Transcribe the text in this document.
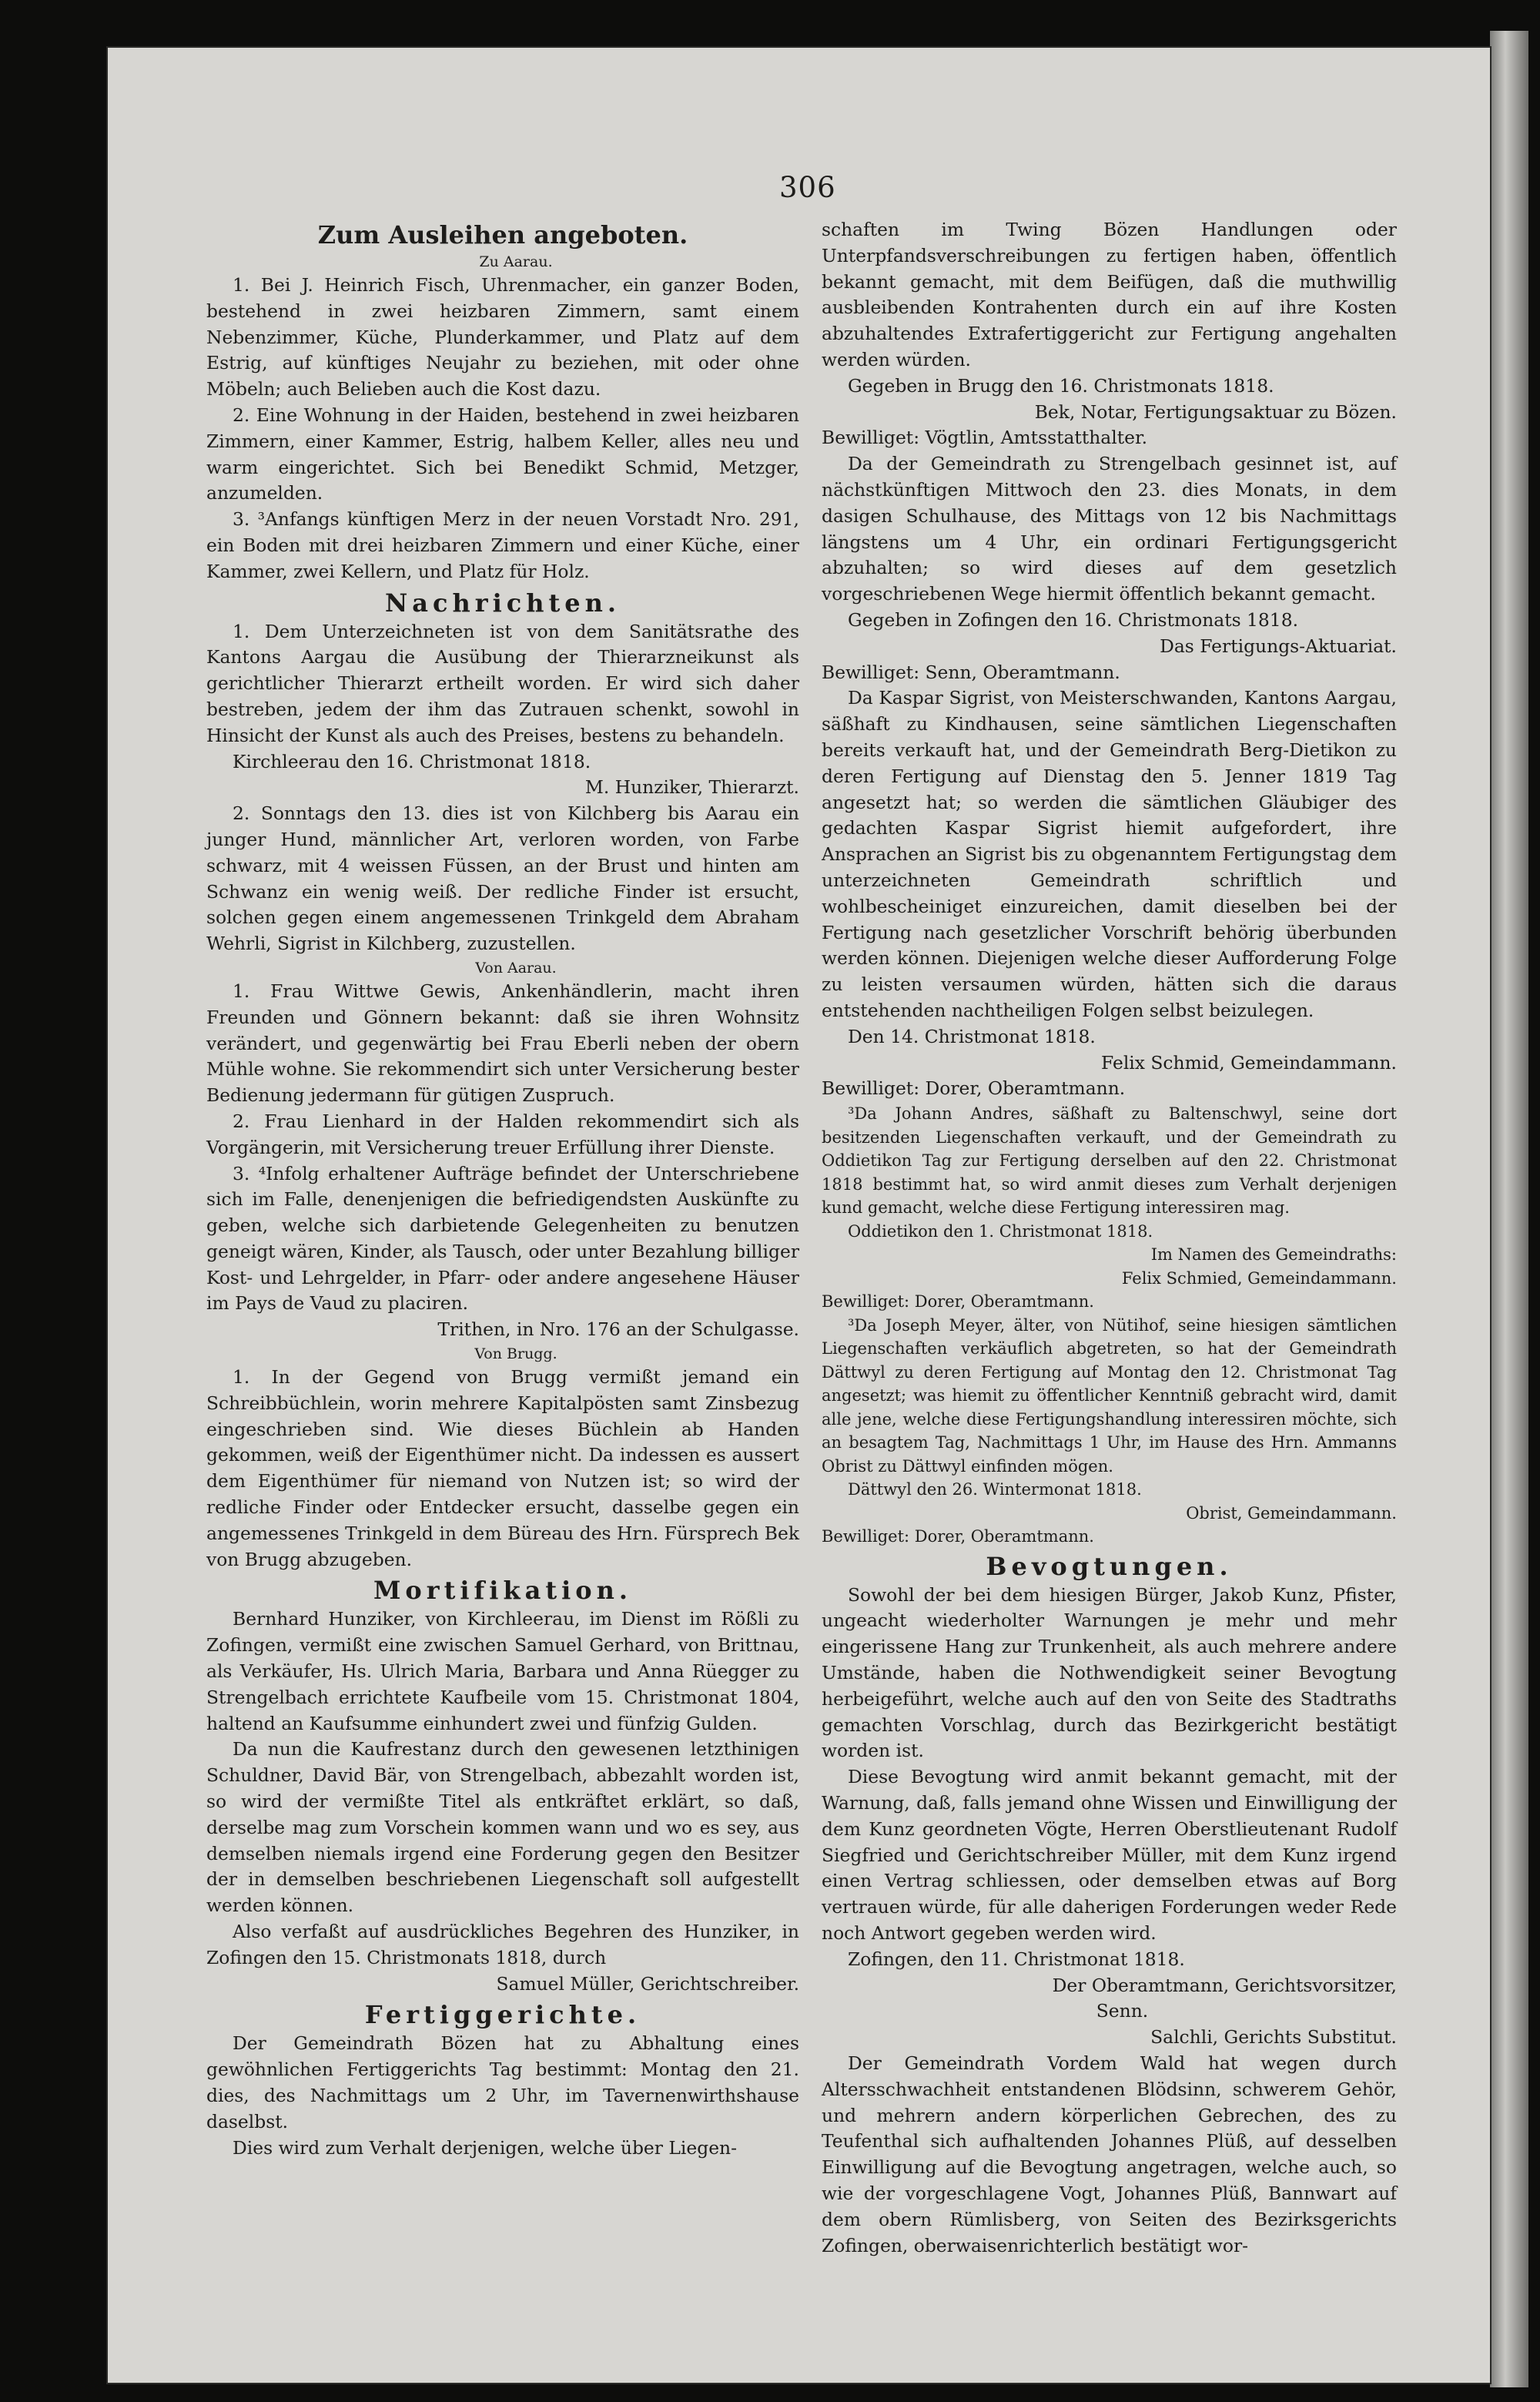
306
Zum Ausleihen angeboten.

Zu Aarau.

1. Bei J. Heinrich Fisch, Uhrenmacher, ein ganzer Boden, bestehend in zwei heizbaren Zimmern, samt einem Nebenzimmer, Küche, Plunderkammer, und Platz auf dem Estrig, auf künftiges Neujahr zu beziehen, mit oder ohne Möbeln; auch Belieben auch die Kost dazu.

2. Eine Wohnung in der Haiden, bestehend in zwei heizbaren Zimmern, einer Kammer, Estrig, halbem Keller, alles neu und warm eingerichtet. Sich bei Benedikt Schmid, Metzger, anzumelden.

3. ³Anfangs künftigen Merz in der neuen Vorstadt Nro. 291, ein Boden mit drei heizbaren Zimmern und einer Küche, einer Kammer, zwei Kellern, und Platz für Holz.

Nachrichten.

1. Dem Unterzeichneten ist von dem Sanitätsrathe des Kantons Aargau die Ausübung der Thierarzneikunst als gerichtlicher Thierarzt ertheilt worden. Er wird sich daher bestreben, jedem der ihm das Zutrauen schenkt, sowohl in Hinsicht der Kunst als auch des Preises, bestens zu behandeln.

Kirchleerau den 16. Christmonat 1818.

M. Hunziker, Thierarzt.

2. Sonntags den 13. dies ist von Kilchberg bis Aarau ein junger Hund, männlicher Art, verloren worden, von Farbe schwarz, mit 4 weissen Füssen, an der Brust und hinten am Schwanz ein wenig weiß. Der redliche Finder ist ersucht, solchen gegen einem angemessenen Trinkgeld dem Abraham Wehrli, Sigrist in Kilchberg, zuzustellen.

Von Aarau.

1. Frau Wittwe Gewis, Ankenhändlerin, macht ihren Freunden und Gönnern bekannt: daß sie ihren Wohnsitz verändert, und gegenwärtig bei Frau Eberli neben der obern Mühle wohne. Sie rekommendirt sich unter Versicherung bester Bedienung jedermann für gütigen Zuspruch.

2. Frau Lienhard in der Halden rekommendirt sich als Vorgängerin, mit Versicherung treuer Erfüllung ihrer Dienste.

3. ⁴Infolg erhaltener Aufträge befindet der Unterschriebene sich im Falle, denenjenigen die befriedigendsten Auskünfte zu geben, welche sich darbietende Gelegenheiten zu benutzen geneigt wären, Kinder, als Tausch, oder unter Bezahlung billiger Kost- und Lehrgelder, in Pfarr- oder andere angesehene Häuser im Pays de Vaud zu placiren.

Trithen, in Nro. 176 an der Schulgasse.

Von Brugg.

1. In der Gegend von Brugg vermißt jemand ein Schreibbüchlein, worin mehrere Kapitalpösten samt Zinsbezug eingeschrieben sind. Wie dieses Büchlein ab Handen gekommen, weiß der Eigenthümer nicht. Da indessen es aussert dem Eigenthümer für niemand von Nutzen ist; so wird der redliche Finder oder Entdecker ersucht, dasselbe gegen ein angemessenes Trinkgeld in dem Büreau des Hrn. Fürsprech Bek von Brugg abzugeben.

Mortifikation.

Bernhard Hunziker, von Kirchleerau, im Dienst im Rößli zu Zofingen, vermißt eine zwischen Samuel Gerhard, von Brittnau, als Verkäufer, Hs. Ulrich Maria, Barbara und Anna Rüegger zu Strengelbach errichtete Kaufbeile vom 15. Christmonat 1804, haltend an Kaufsumme einhundert zwei und fünfzig Gulden.

Da nun die Kaufrestanz durch den gewesenen letzthinigen Schuldner, David Bär, von Strengelbach, abbezahlt worden ist, so wird der vermißte Titel als entkräftet erklärt, so daß, derselbe mag zum Vorschein kommen wann und wo es sey, aus demselben niemals irgend eine Forderung gegen den Besitzer der in demselben beschriebenen Liegenschaft soll aufgestellt werden können.

Also verfaßt auf ausdrückliches Begehren des Hunziker, in Zofingen den 15. Christmonats 1818, durch

Samuel Müller, Gerichtschreiber.

Fertiggerichte.

Der Gemeindrath Bözen hat zu Abhaltung eines gewöhnlichen Fertiggerichts Tag bestimmt: Montag den 21. dies, des Nachmittags um 2 Uhr, im Tavernenwirthshause daselbst.

Dies wird zum Verhalt derjenigen, welche über Liegen-

schaften im Twing Bözen Handlungen oder Unterpfandsverschreibungen zu fertigen haben, öffentlich bekannt gemacht, mit dem Beifügen, daß die muthwillig ausbleibenden Kontrahenten durch ein auf ihre Kosten abzuhaltendes Extrafertiggericht zur Fertigung angehalten werden würden.

Gegeben in Brugg den 16. Christmonats 1818.

Bek, Notar, Fertigungsaktuar zu Bözen.

Bewilliget: Vögtlin, Amtsstatthalter.

Da der Gemeindrath zu Strengelbach gesinnet ist, auf nächstkünftigen Mittwoch den 23. dies Monats, in dem dasigen Schulhause, des Mittags von 12 bis Nachmittags längstens um 4 Uhr, ein ordinari Fertigungsgericht abzuhalten; so wird dieses auf dem gesetzlich vorgeschriebenen Wege hiermit öffentlich bekannt gemacht.

Gegeben in Zofingen den 16. Christmonats 1818.

Das Fertigungs-Aktuariat.

Bewilliget: Senn, Oberamtmann.

Da Kaspar Sigrist, von Meisterschwanden, Kantons Aargau, säßhaft zu Kindhausen, seine sämtlichen Liegenschaften bereits verkauft hat, und der Gemeindrath Berg-Dietikon zu deren Fertigung auf Dienstag den 5. Jenner 1819 Tag angesetzt hat; so werden die sämtlichen Gläubiger des gedachten Kaspar Sigrist hiemit aufgefordert, ihre Ansprachen an Sigrist bis zu obgenanntem Fertigungstag dem unterzeichneten Gemeindrath schriftlich und wohlbescheiniget einzureichen, damit dieselben bei der Fertigung nach gesetzlicher Vorschrift behörig überbunden werden können. Diejenigen welche dieser Aufforderung Folge zu leisten versaumen würden, hätten sich die daraus entstehenden nachtheiligen Folgen selbst beizulegen.

Den 14. Christmonat 1818.

Felix Schmid, Gemeindammann.

Bewilliget: Dorer, Oberamtmann.

³Da Johann Andres, säßhaft zu Baltenschwyl, seine dort besitzenden Liegenschaften verkauft, und der Gemeindrath zu Oddietikon Tag zur Fertigung derselben auf den 22. Christmonat 1818 bestimmt hat, so wird anmit dieses zum Verhalt derjenigen kund gemacht, welche diese Fertigung interessiren mag.

Oddietikon den 1. Christmonat 1818.

Im Namen des Gemeindraths:

Felix Schmied, Gemeindammann.

Bewilliget: Dorer, Oberamtmann.

³Da Joseph Meyer, älter, von Nütihof, seine hiesigen sämtlichen Liegenschaften verkäuflich abgetreten, so hat der Gemeindrath Dättwyl zu deren Fertigung auf Montag den 12. Christmonat Tag angesetzt; was hiemit zu öffentlicher Kenntniß gebracht wird, damit alle jene, welche diese Fertigungshandlung interessiren möchte, sich an besagtem Tag, Nachmittags 1 Uhr, im Hause des Hrn. Ammanns Obrist zu Dättwyl einfinden mögen.

Dättwyl den 26. Wintermonat 1818.

Obrist, Gemeindammann.

Bewilliget: Dorer, Oberamtmann.

Bevogtungen.

Sowohl der bei dem hiesigen Bürger, Jakob Kunz, Pfister, ungeacht wiederholter Warnungen je mehr und mehr eingerissene Hang zur Trunkenheit, als auch mehrere andere Umstände, haben die Nothwendigkeit seiner Bevogtung herbeigeführt, welche auch auf den von Seite des Stadtraths gemachten Vorschlag, durch das Bezirkgericht bestätigt worden ist.

Diese Bevogtung wird anmit bekannt gemacht, mit der Warnung, daß, falls jemand ohne Wissen und Einwilligung der dem Kunz geordneten Vögte, Herren Oberstlieutenant Rudolf Siegfried und Gerichtschreiber Müller, mit dem Kunz irgend einen Vertrag schliessen, oder demselben etwas auf Borg vertrauen würde, für alle daherigen Forderungen weder Rede noch Antwort gegeben werden wird.

Zofingen, den 11. Christmonat 1818.

Der Oberamtmann, Gerichtsvorsitzer,

Senn.

Salchli, Gerichts Substitut.

Der Gemeindrath Vordem Wald hat wegen durch Altersschwachheit entstandenen Blödsinn, schwerem Gehör, und mehrern andern körperlichen Gebrechen, des zu Teufenthal sich aufhaltenden Johannes Plüß, auf desselben Einwilligung auf die Bevogtung angetragen, welche auch, so wie der vorgeschlagene Vogt, Johannes Plüß, Bannwart auf dem obern Rümlisberg, von Seiten des Bezirksgerichts Zofingen, oberwaisenrichterlich bestätigt wor-
